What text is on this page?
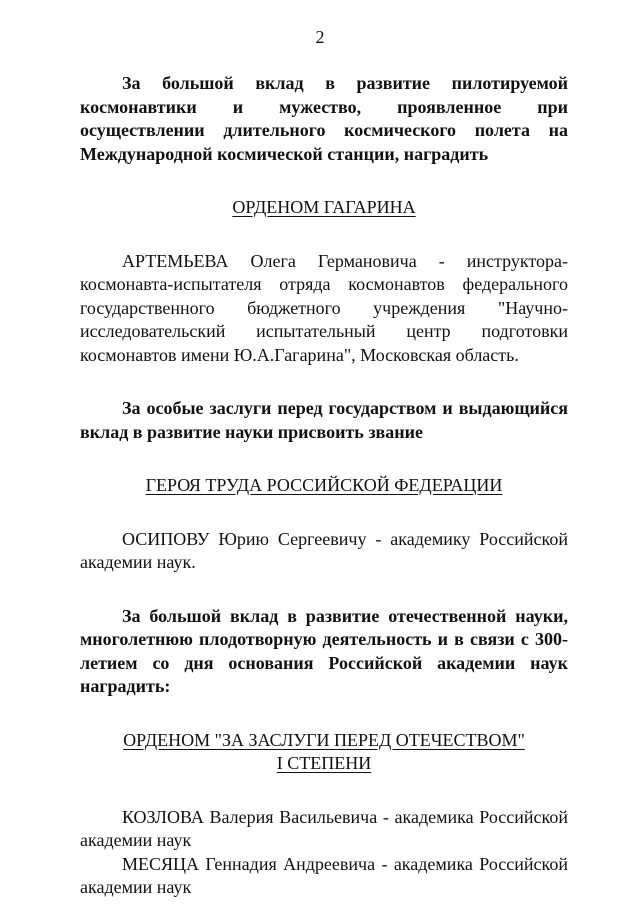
2

За большой вклад в развитие пилотируемой космонавтики и мужество, проявленное при осуществлении длительного космического полета на Международной космической станции, наградить

ОРДЕНОМ ГАГАРИНА

АРТЕМЬЕВА Олега Германовича - инструктора-космонавта-испытателя отряда космонавтов федерального государственного бюджетного учреждения "Научно-исследовательский испытательный центр подготовки космонавтов имени Ю.А.Гагарина", Московская область.

За особые заслуги перед государством и выдающийся вклад в развитие науки присвоить звание

ГЕРОЯ ТРУДА РОССИЙСКОЙ ФЕДЕРАЦИИ

ОСИПОВУ Юрию Сергеевичу - академику Российской академии наук.

За большой вклад в развитие отечественной науки, многолетнюю плодотворную деятельность и в связи с 300-летием со дня основания Российской академии наук наградить:

ОРДЕНОМ "ЗА ЗАСЛУГИ ПЕРЕД ОТЕЧЕСТВОМ"
I СТЕПЕНИ

КОЗЛОВА Валерия Васильевича - академика Российской академии наук

МЕСЯЦА Геннадия Андреевича - академика Российской академии наук
